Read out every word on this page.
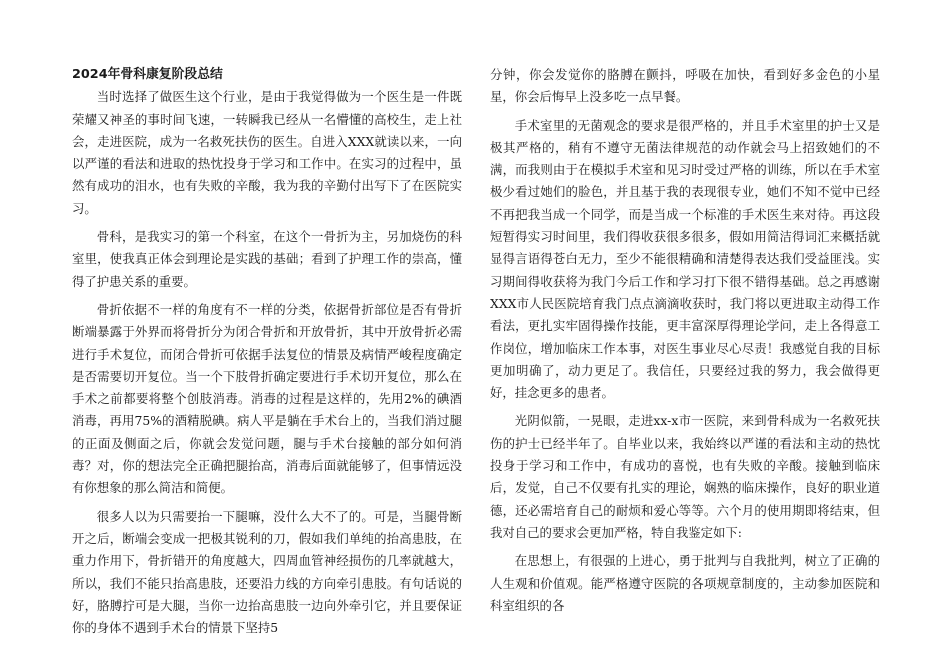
2024年骨科康复阶段总结

当时选择了做医生这个行业，是由于我觉得做为一个医生是一件既荣耀又神圣的事时间飞速，一转瞬我已经从一名懵懂的高校生，走上社会，走进医院，成为一名救死扶伤的医生。自进入XXX就读以来，一向以严谨的看法和进取的热忱投身于学习和工作中。在实习的过程中，虽然有成功的泪水，也有失败的辛酸，我为我的辛勤付出写下了在医院实习。

骨科，是我实习的第一个科室，在这个一骨折为主，另加烧伤的科室里，使我真正体会到理论是实践的基础；看到了护理工作的崇高，懂得了护患关系的重要。

骨折依据不一样的角度有不一样的分类，依据骨折部位是否有骨折断端暴露于外界而将骨折分为闭合骨折和开放骨折，其中开放骨折必需进行手术复位，而闭合骨折可依据手法复位的情景及病情严峻程度确定是否需要切开复位。当一个下肢骨折确定要进行手术切开复位，那么在手术之前都要将整个创肢消毒。消毒的过程是这样的，先用2%的碘酒消毒，再用75%的酒精脱碘。病人平是躺在手术台上的，当我们消过腿的正面及侧面之后，你就会发觉问题，腿与手术台接触的部分如何消毒？对，你的想法完全正确把腿抬高，消毒后面就能够了，但事情远没有你想象的那么简洁和简便。

很多人以为只需要抬一下腿嘛，没什么大不了的。可是，当腿骨断开之后，断端会变成一把极其锐利的刀，假如我们单纯的抬高患肢，在重力作用下，骨折错开的角度越大，四周血管神经损伤的几率就越大，所以，我们不能只抬高患肢，还要沿力线的方向牵引患肢。有句话说的好，胳膊拧可是大腿，当你一边抬高患肢一边向外牵引它，并且要保证你的身体不遇到手术台的情景下坚持5

分钟，你会发觉你的胳膊在颤抖，呼吸在加快，看到好多金色的小星星，你会后悔早上没多吃一点早餐。

手术室里的无菌观念的要求是很严格的，并且手术室里的护士又是极其严格的，稍有不遵守无菌法律规范的动作就会马上招致她们的不满，而我则由于在模拟手术室和见习时受过严格的训练，所以在手术室极少看过她们的脸色，并且基于我的表现很专业，她们不知不觉中已经不再把我当成一个同学，而是当成一个标准的手术医生来对待。再这段短暂得实习时间里，我们得收获很多很多，假如用简洁得词汇来概括就显得言语得苍白无力，至少不能很精确和清楚得表达我们受益匪浅。实习期间得收获将为我门今后工作和学习打下很不错得基础。总之再感谢XXX市人民医院培育我门点点滴滴收获时，我门将以更进取主动得工作看法，更扎实牢固得操作技能，更丰富深厚得理论学问，走上各得意工作岗位，增加临床工作本事，对医生事业尽心尽责！我感觉自我的目标更加明确了，动力更足了。我信任，只要经过我的努力，我会做得更好，挂念更多的患者。

光阴似箭，一晃眼，走进xx-x市一医院，来到骨科成为一名救死扶伤的护士已经半年了。自毕业以来，我始终以严谨的看法和主动的热忱投身于学习和工作中，有成功的喜悦，也有失败的辛酸。接触到临床后，发觉，自己不仅要有扎实的理论，娴熟的临床操作，良好的职业道德，还必需培育自己的耐烦和爱心等等。六个月的使用期即将结束，但我对自己的要求会更加严格，特自我鉴定如下:

在思想上，有很强的上进心，勇于批判与自我批判，树立了正确的人生观和价值观。能严格遵守医院的各项规章制度的，主动参加医院和科室组织的各
